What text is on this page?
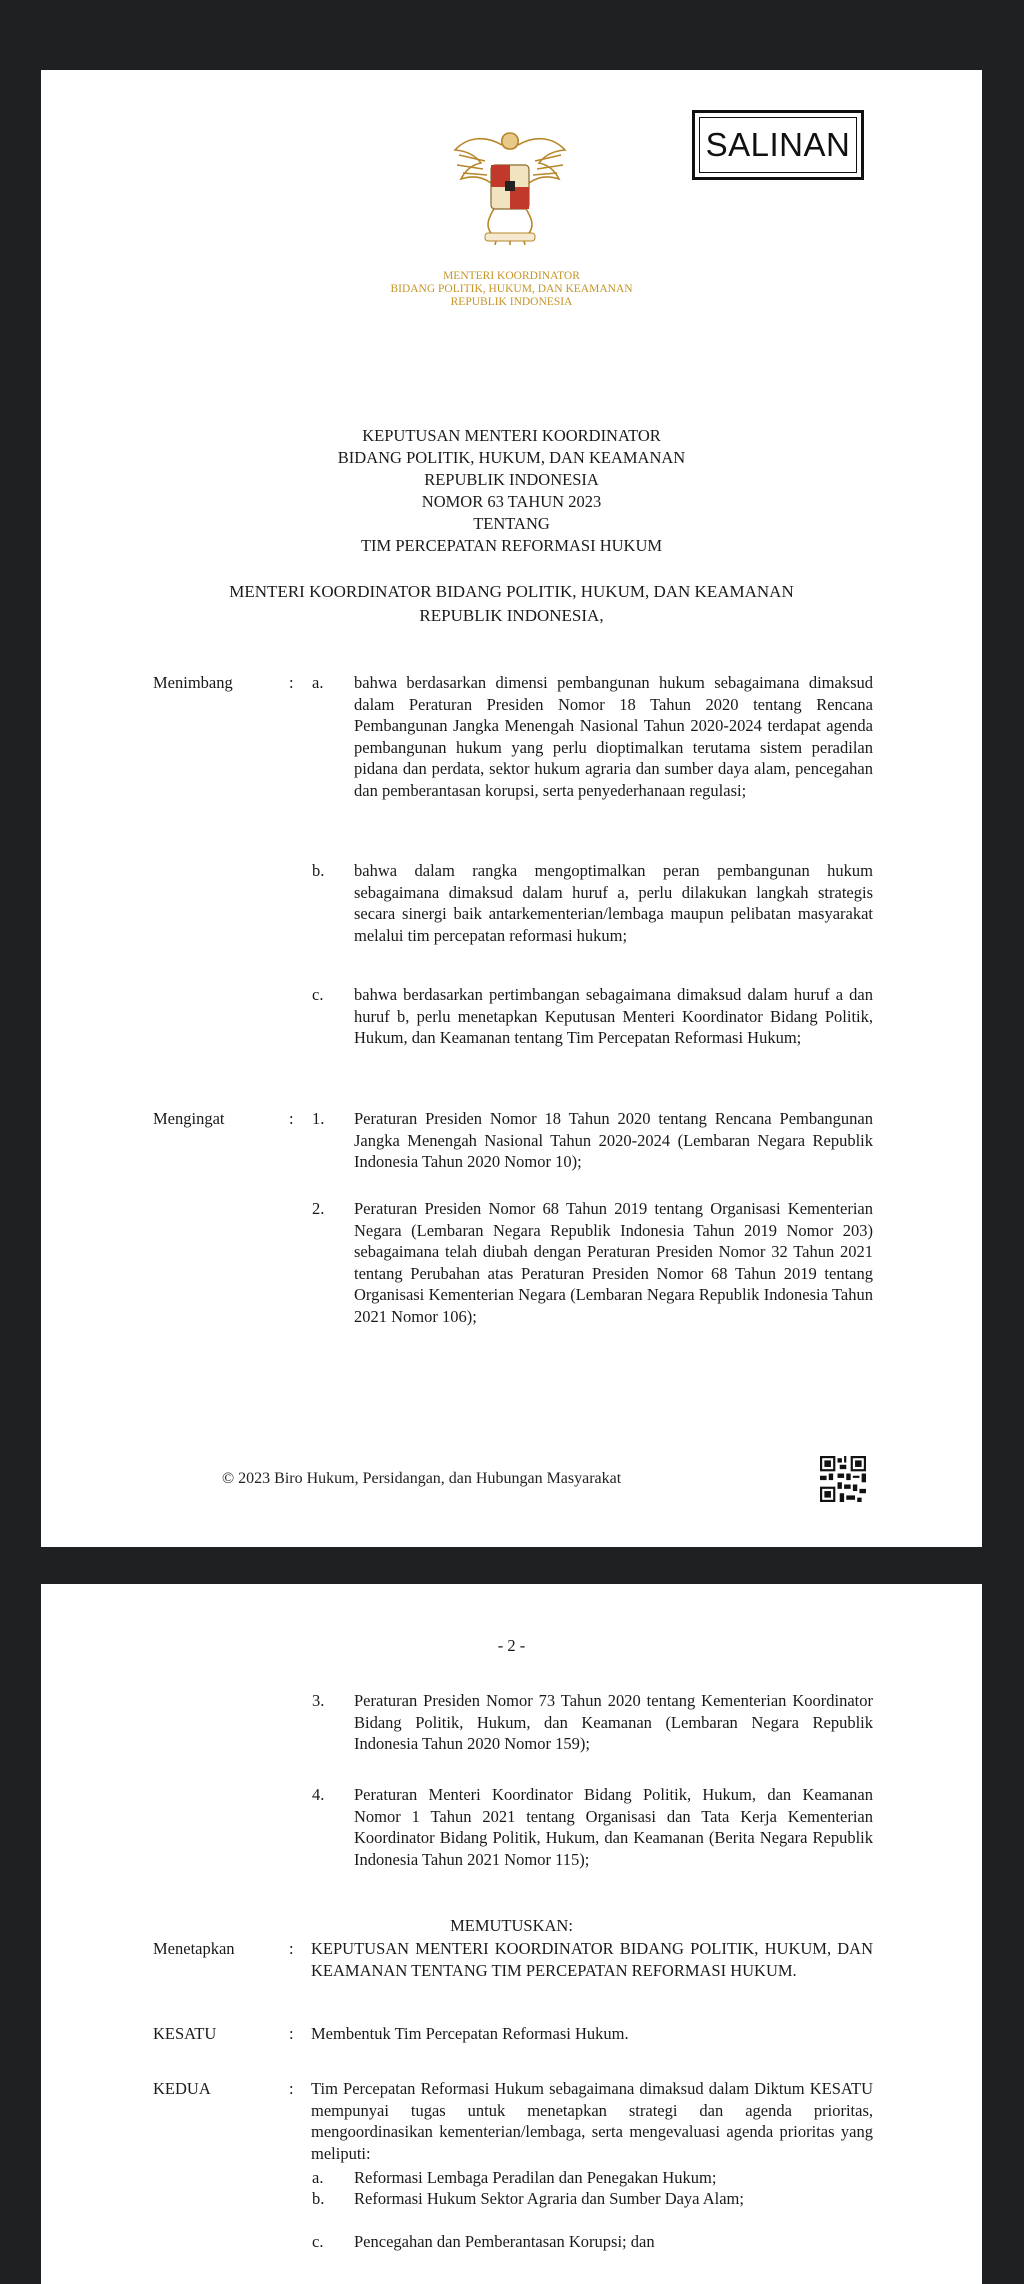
SALINAN
MENTERI KOORDINATOR
BIDANG POLITIK, HUKUM, DAN KEAMANAN
REPUBLIK INDONESIA
KEPUTUSAN MENTERI KOORDINATOR
BIDANG POLITIK, HUKUM, DAN KEAMANAN
REPUBLIK INDONESIA
NOMOR 63 TAHUN 2023
TENTANG
TIM PERCEPATAN REFORMASI HUKUM
MENTERI KOORDINATOR BIDANG POLITIK, HUKUM, DAN KEAMANAN
REPUBLIK INDONESIA,
Menimbang	: a. bahwa berdasarkan dimensi pembangunan hukum sebagaimana dimaksud dalam Peraturan Presiden Nomor 18 Tahun 2020 tentang Rencana Pembangunan Jangka Menengah Nasional Tahun 2020-2024 terdapat agenda pembangunan hukum yang perlu dioptimalkan terutama sistem peradilan pidana dan perdata, sektor hukum agraria dan sumber daya alam, pencegahan dan pemberantasan korupsi, serta penyederhanaan regulasi;
b. bahwa dalam rangka mengoptimalkan peran pembangunan hukum sebagaimana dimaksud dalam huruf a, perlu dilakukan langkah strategis secara sinergi baik antarkementerian/lembaga maupun pelibatan masyarakat melalui tim percepatan reformasi hukum;
c. bahwa berdasarkan pertimbangan sebagaimana dimaksud dalam huruf a dan huruf b, perlu menetapkan Keputusan Menteri Koordinator Bidang Politik, Hukum, dan Keamanan tentang Tim Percepatan Reformasi Hukum;
Mengingat	: 1. Peraturan Presiden Nomor 18 Tahun 2020 tentang Rencana Pembangunan Jangka Menengah Nasional Tahun 2020-2024 (Lembaran Negara Republik Indonesia Tahun 2020 Nomor 10);
2. Peraturan Presiden Nomor 68 Tahun 2019 tentang Organisasi Kementerian Negara (Lembaran Negara Republik Indonesia Tahun 2019 Nomor 203) sebagaimana telah diubah dengan Peraturan Presiden Nomor 32 Tahun 2021 tentang Perubahan atas Peraturan Presiden Nomor 68 Tahun 2019 tentang Organisasi Kementerian Negara (Lembaran Negara Republik Indonesia Tahun 2021 Nomor 106);
© 2023 Biro Hukum, Persidangan, dan Hubungan Masyarakat
- 2 -
3. Peraturan Presiden Nomor 73 Tahun 2020 tentang Kementerian Koordinator Bidang Politik, Hukum, dan Keamanan (Lembaran Negara Republik Indonesia Tahun 2020 Nomor 159);
4. Peraturan Menteri Koordinator Bidang Politik, Hukum, dan Keamanan Nomor 1 Tahun 2021 tentang Organisasi dan Tata Kerja Kementerian Koordinator Bidang Politik, Hukum, dan Keamanan (Berita Negara Republik Indonesia Tahun 2021 Nomor 115);
MEMUTUSKAN:
Menetapkan	: KEPUTUSAN MENTERI KOORDINATOR BIDANG POLITIK, HUKUM, DAN KEAMANAN TENTANG TIM PERCEPATAN REFORMASI HUKUM.
KESATU	: Membentuk Tim Percepatan Reformasi Hukum.
KEDUA	: Tim Percepatan Reformasi Hukum sebagaimana dimaksud dalam Diktum KESATU mempunyai tugas untuk menetapkan strategi dan agenda prioritas, mengoordinasikan kementerian/lembaga, serta mengevaluasi agenda prioritas yang meliputi:
a. Reformasi Lembaga Peradilan dan Penegakan Hukum;
b. Reformasi Hukum Sektor Agraria dan Sumber Daya Alam;
c. Pencegahan dan Pemberantasan Korupsi; dan
